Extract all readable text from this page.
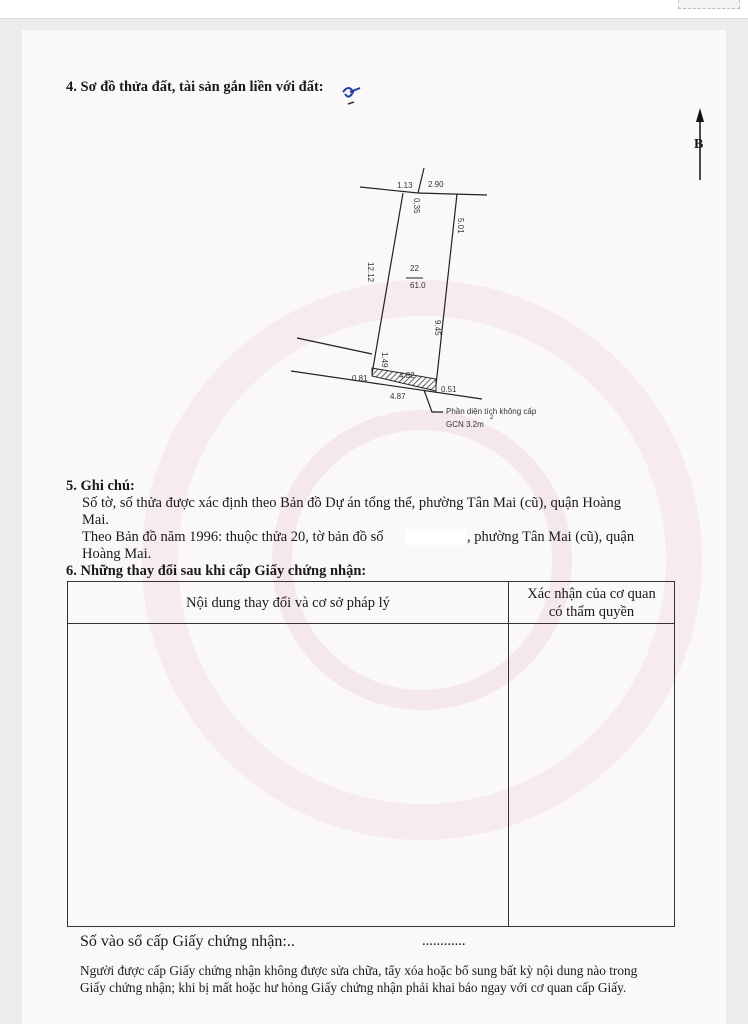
4. Sơ đồ thửa đất, tài sản gắn liền với đất:
B
1.13 2.90
0.35
5.01
9.45
12.12
1.49
22
61.0
0.81	4.82
0.51
4.87
Phần diện tích không cấp
GCN 3.2m
2
5. Ghi chú:
Số tờ, số thửa được xác định theo Bản đồ Dự án tổng thể, phường Tân Mai (cũ), quận Hoàng
Mai.
Theo Bản đồ năm 1996: thuộc thửa 20, tờ bản đồ số	, phường Tân Mai (cũ), quận
Hoàng Mai.
6. Những thay đổi sau khi cấp Giấy chứng nhận:
Nội dung thay đổi và cơ sở pháp lý	Xác nhận của cơ quan
có thẩm quyền

Số vào sổ cấp Giấy chứng nhận:..	............
Người được cấp Giấy chứng nhận không được sửa chữa, tẩy xóa hoặc bổ sung bất kỳ nội dung nào trong
Giấy chứng nhận; khi bị mất hoặc hư hỏng Giấy chứng nhận phải khai báo ngay với cơ quan cấp Giấy.
